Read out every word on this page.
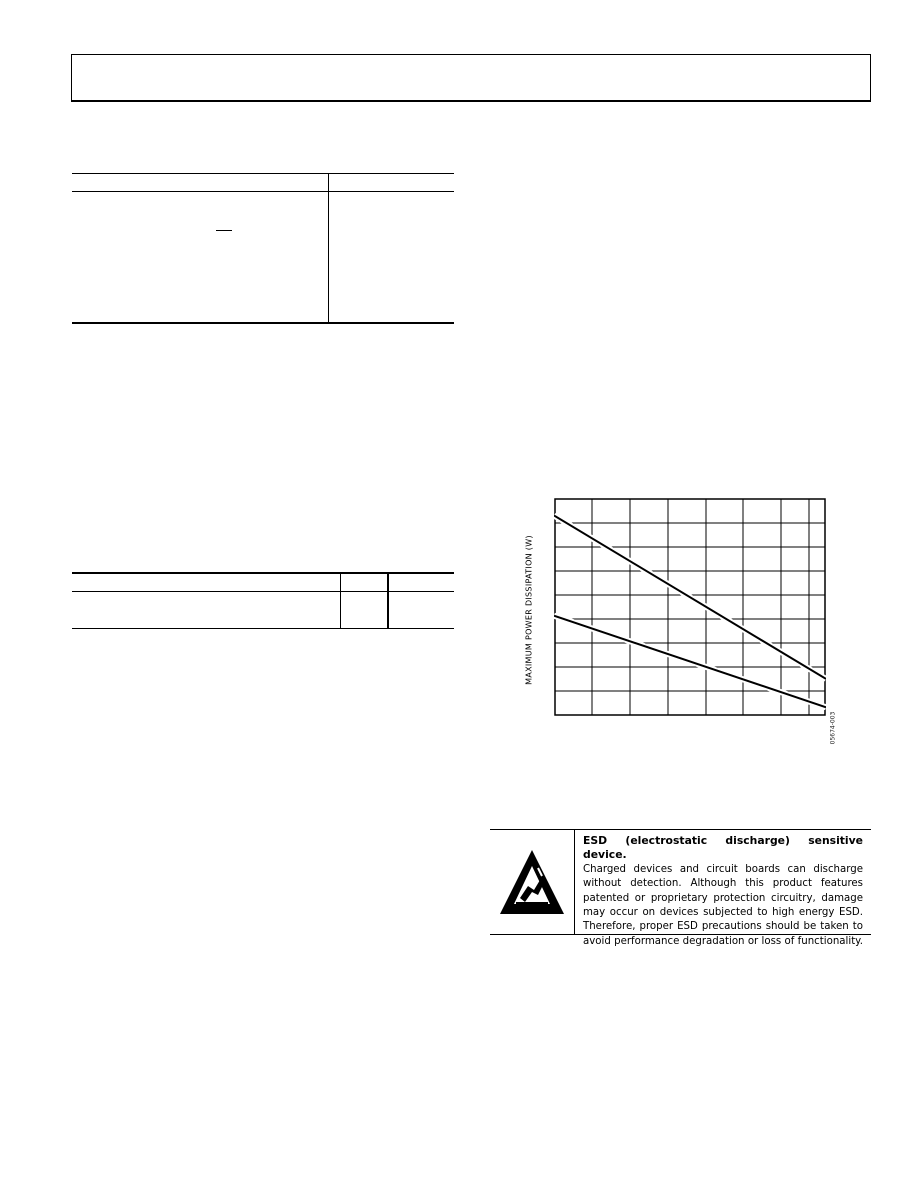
MAXIMUM POWER DISSIPATION (W)
05674-003
ESD (electrostatic discharge) sensitive device.
Charged devices and circuit boards can discharge
without detection. Although this product features
patented or proprietary protection circuitry, damage
may occur on devices subjected to high energy ESD.
Therefore, proper ESD precautions should be taken to
avoid performance degradation or loss of functionality.
